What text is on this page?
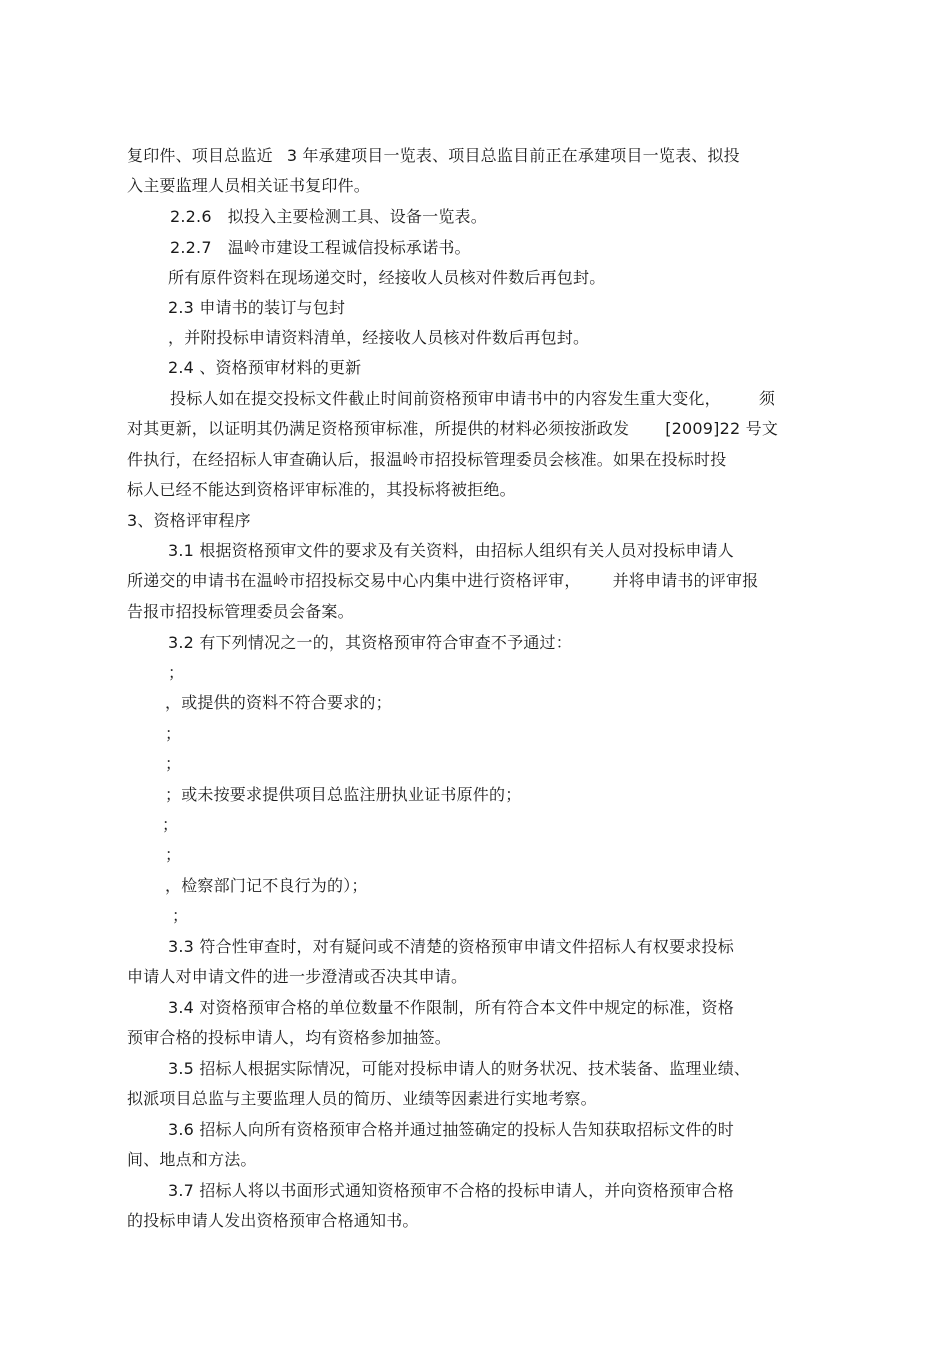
复印件、项目总监近 3 年承建项目一览表、项目总监目前正在承建项目一览表、拟投
入主要监理人员相关证书复印件。
2.2.6 拟投入主要检测工具、设备一览表。
2.2.7 温岭市建设工程诚信投标承诺书。
所有原件资料在现场递交时，经接收人员核对件数后再包封。
2.3 申请书的装订与包封
，并附投标申请资料清单，经接收人员核对件数后再包封。
2.4 、资格预审材料的更新
投标人如在提交投标文件截止时间前资格预审申请书中的内容发生重大变化， 须
对其更新，以证明其仍满足资格预审标准，所提供的材料必须按浙政发 [2009]22 号文
件执行，在经招标人审查确认后，报温岭市招投标管理委员会核准。如果在投标时投
标人已经不能达到资格评审标准的，其投标将被拒绝。
3、资格评审程序
3.1 根据资格预审文件的要求及有关资料，由招标人组织有关人员对投标申请人
所递交的申请书在温岭市招投标交易中心内集中进行资格评审， 并将申请书的评审报
告报市招投标管理委员会备案。
3.2 有下列情况之一的，其资格预审符合审查不予通过：
；
，或提供的资料不符合要求的；
；
；
；或未按要求提供项目总监注册执业证书原件的；
；
；
，检察部门记不良行为的）；
；
3.3 符合性审查时，对有疑问或不清楚的资格预审申请文件招标人有权要求投标
申请人对申请文件的进一步澄清或否决其申请。
3.4 对资格预审合格的单位数量不作限制，所有符合本文件中规定的标准，资格
预审合格的投标申请人，均有资格参加抽签。
3.5 招标人根据实际情况，可能对投标申请人的财务状况、技术装备、监理业绩、
拟派项目总监与主要监理人员的简历、业绩等因素进行实地考察。
3.6 招标人向所有资格预审合格并通过抽签确定的投标人告知获取招标文件的时
间、地点和方法。
3.7 招标人将以书面形式通知资格预审不合格的投标申请人，并向资格预审合格
的投标申请人发出资格预审合格通知书。
